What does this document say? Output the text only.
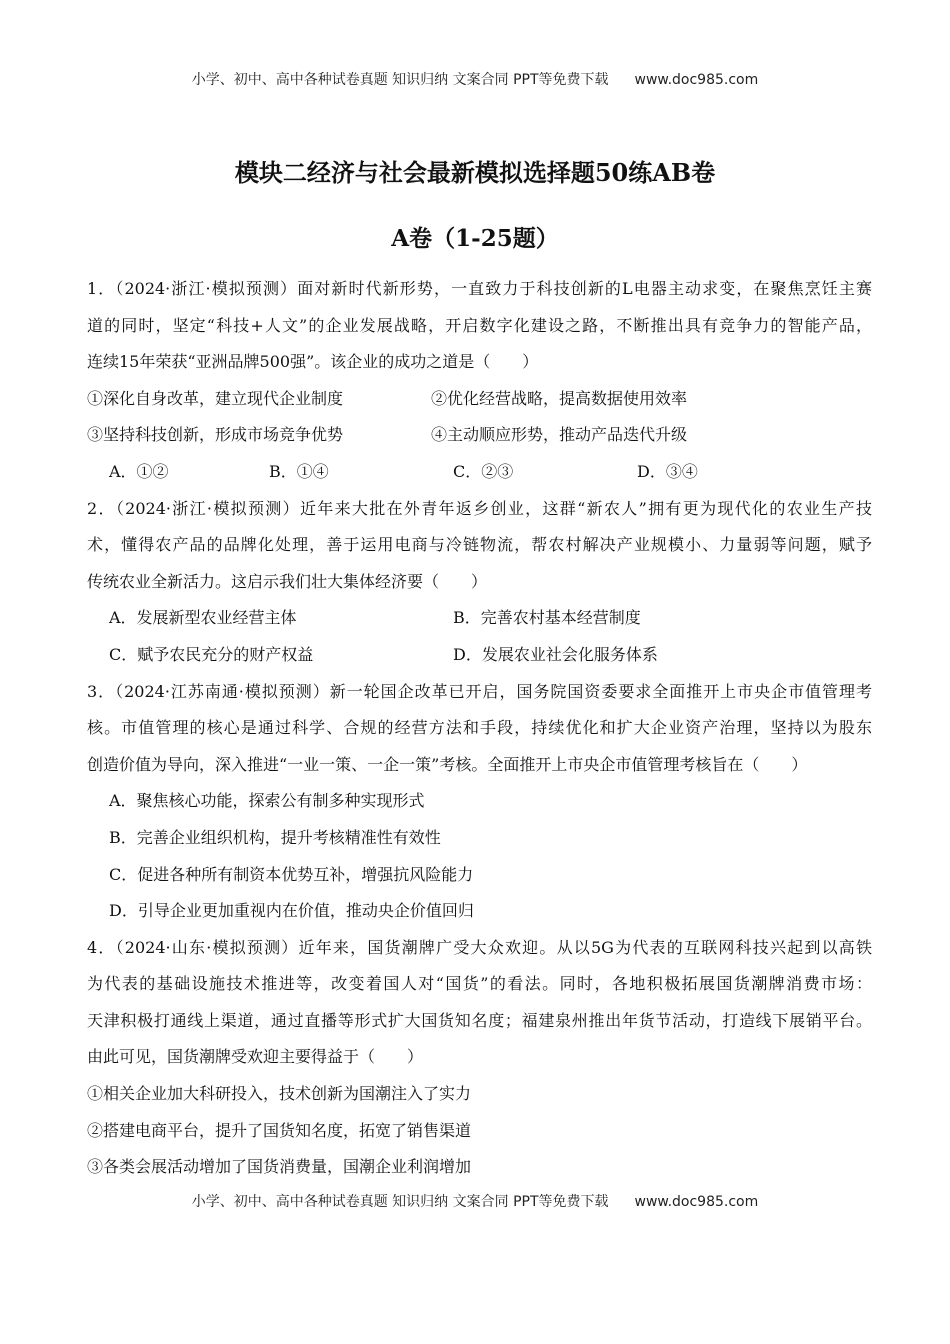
小学、初中、高中各种试卷真题 知识归纳 文案合同 PPT等免费下载 www.doc985.com
模块二经济与社会最新模拟选择题50练AB卷
A卷（1-25题）
1．（2024·浙江·模拟预测）面对新时代新形势，一直致力于科技创新的L电器主动求变，在聚焦烹饪主赛
道的同时，坚定“科技+人文”的企业发展战略，开启数字化建设之路，不断推出具有竞争力的智能产品，
连续15年荣获“亚洲品牌500强”。该企业的成功之道是（　　）
①深化自身改革，建立现代企业制度	②优化经营战略，提高数据使用效率
③坚持科技创新，形成市场竞争优势	④主动顺应形势，推动产品迭代升级
A．①②	B．①④	C．②③	D．③④
2．（2024·浙江·模拟预测）近年来大批在外青年返乡创业，这群“新农人”拥有更为现代化的农业生产技
术，懂得农产品的品牌化处理，善于运用电商与冷链物流，帮农村解决产业规模小、力量弱等问题，赋予
传统农业全新活力。这启示我们壮大集体经济要（　　）
A．发展新型农业经营主体	B．完善农村基本经营制度
C．赋予农民充分的财产权益	D．发展农业社会化服务体系
3．（2024·江苏南通·模拟预测）新一轮国企改革已开启，国务院国资委要求全面推开上市央企市值管理考
核。市值管理的核心是通过科学、合规的经营方法和手段，持续优化和扩大企业资产治理，坚持以为股东
创造价值为导向，深入推进“一业一策、一企一策”考核。全面推开上市央企市值管理考核旨在（　　）
A．聚焦核心功能，探索公有制多种实现形式
B．完善企业组织机构，提升考核精准性有效性
C．促进各种所有制资本优势互补，增强抗风险能力
D．引导企业更加重视内在价值，推动央企价值回归
4．（2024·山东·模拟预测）近年来，国货潮牌广受大众欢迎。从以5G为代表的互联网科技兴起到以高铁
为代表的基础设施技术推进等，改变着国人对“国货”的看法。同时，各地积极拓展国货潮牌消费市场：
天津积极打通线上渠道，通过直播等形式扩大国货知名度；福建泉州推出年货节活动，打造线下展销平台。
由此可见，国货潮牌受欢迎主要得益于（　　）
①相关企业加大科研投入，技术创新为国潮注入了实力
②搭建电商平台，提升了国货知名度，拓宽了销售渠道
③各类会展活动增加了国货消费量，国潮企业利润增加
小学、初中、高中各种试卷真题 知识归纳 文案合同 PPT等免费下载 www.doc985.com
